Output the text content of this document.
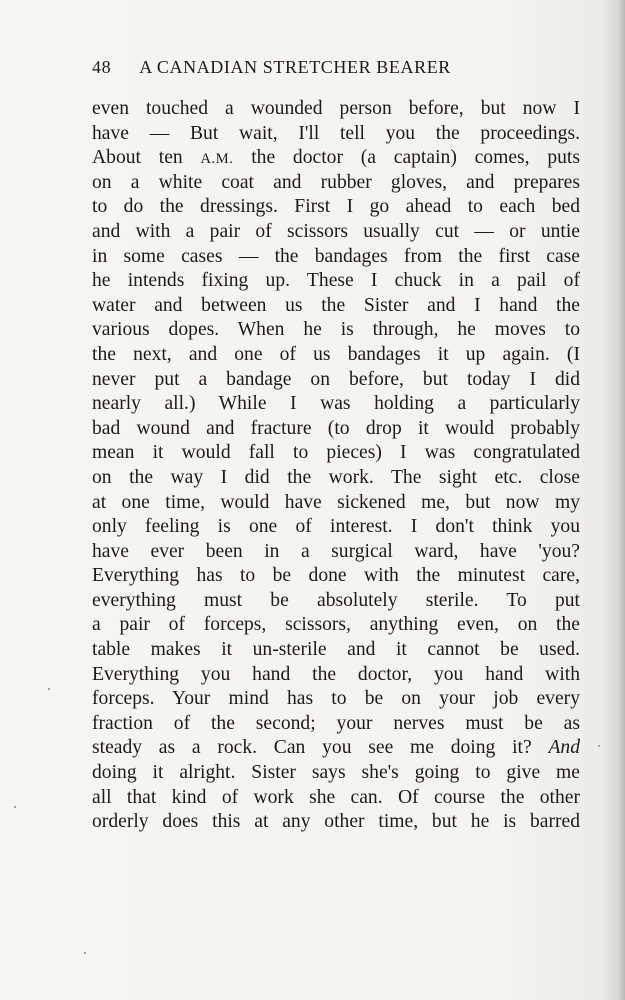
48 A CANADIAN STRETCHER BEARER
even touched a wounded person before, but now I
have — But wait, I'll tell you the proceedings.
About ten A.M. the doctor (a captain) comes, puts
on a white coat and rubber gloves, and prepares
to do the dressings. First I go ahead to each bed
and with a pair of scissors usually cut — or untie
in some cases — the bandages from the first case
he intends fixing up. These I chuck in a pail of
water and between us the Sister and I hand the
various dopes. When he is through, he moves to
the next, and one of us bandages it up again. (I
never put a bandage on before, but today I did
nearly all.) While I was holding a particularly
bad wound and fracture (to drop it would probably
mean it would fall to pieces) I was congratulated
on the way I did the work. The sight etc. close
at one time, would have sickened me, but now my
only feeling is one of interest. I don't think you
have ever been in a surgical ward, have 'you?
Everything has to be done with the minutest care,
everything must be absolutely sterile. To put
a pair of forceps, scissors, anything even, on the
table makes it un-sterile and it cannot be used.
Everything you hand the doctor, you hand with
forceps. Your mind has to be on your job every
fraction of the second; your nerves must be as
steady as a rock. Can you see me doing it? And
doing it alright. Sister says she's going to give me
all that kind of work she can. Of course the other
orderly does this at any other time, but he is barred
